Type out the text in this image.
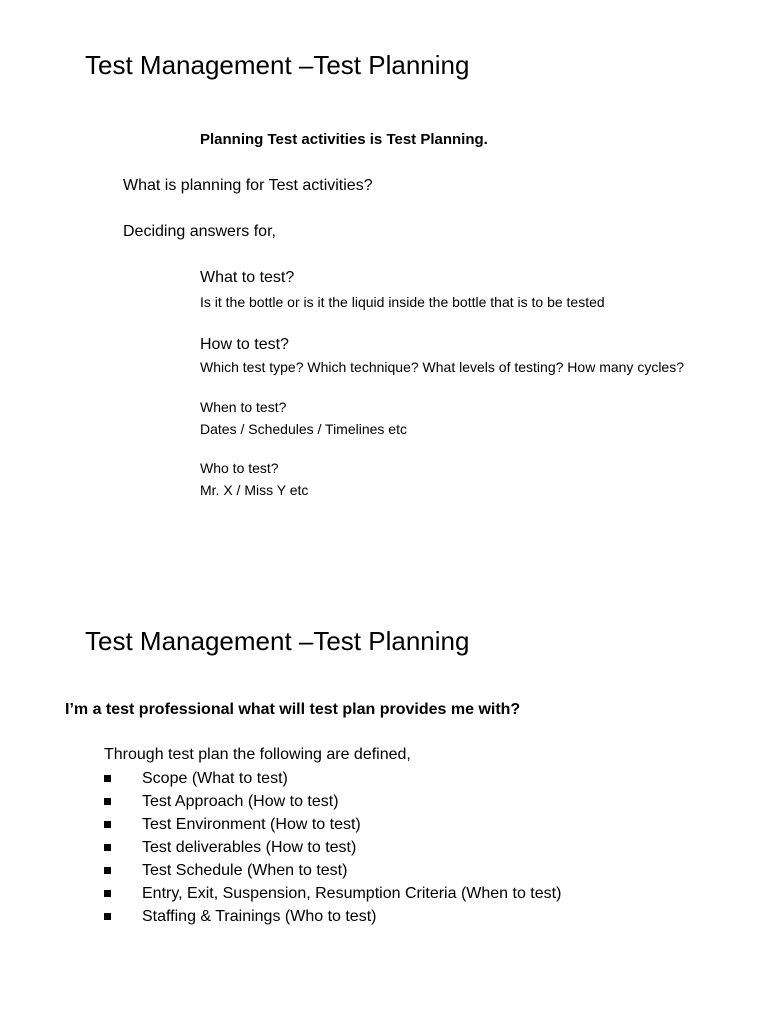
Test Management –Test Planning
Planning Test activities is Test Planning.
What is planning for Test activities?
Deciding answers for,
What to test?
Is it the bottle or is it the liquid inside the bottle that is to be tested
How to test?
Which test type? Which technique? What levels of testing? How many cycles?
When to test?
Dates / Schedules / Timelines etc
Who to test?
Mr. X / Miss Y etc
Test Management –Test Planning
I’m a test professional what will test plan provides me with?
Through test plan the following are defined,
Scope (What to test)
Test Approach (How to test)
Test Environment (How to test)
Test deliverables (How to test)
Test Schedule (When to test)
Entry, Exit, Suspension, Resumption Criteria (When to test)
Staffing & Trainings (Who to test)
